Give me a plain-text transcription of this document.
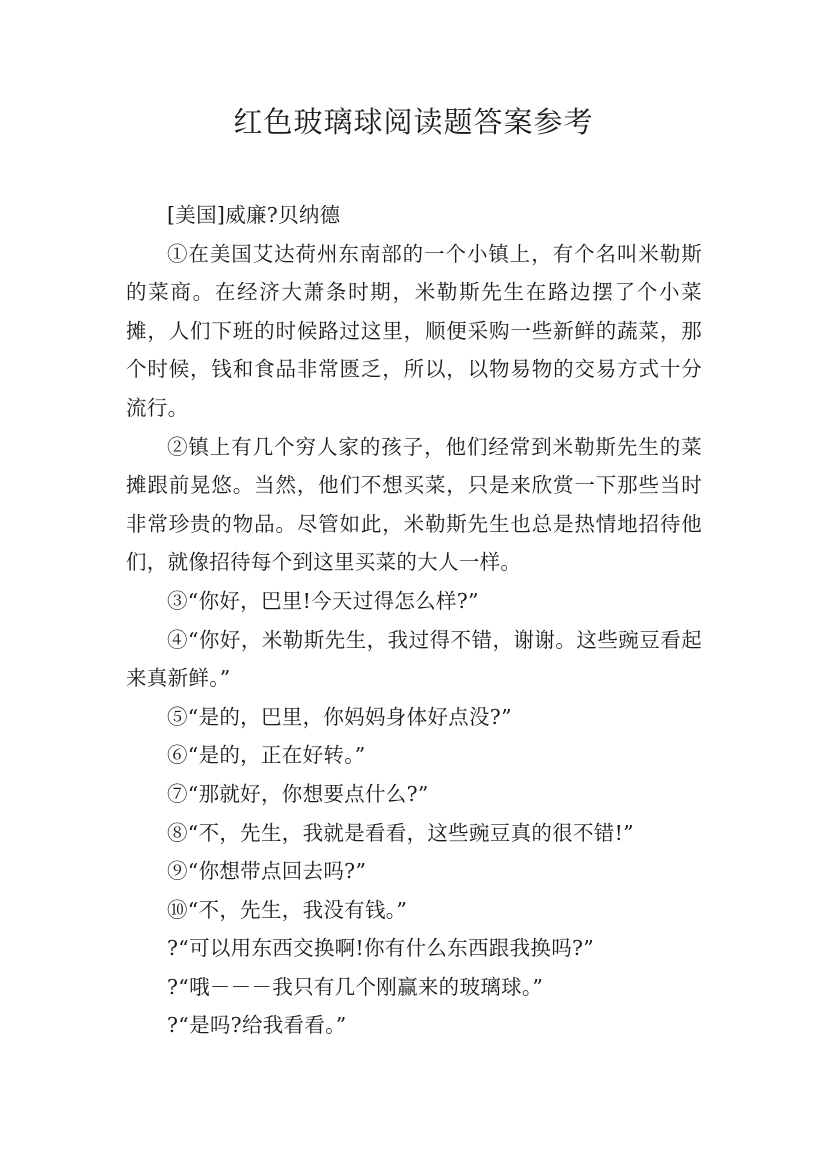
红色玻璃球阅读题答案参考

[美国]威廉?贝纳德

①在美国艾达荷州东南部的一个小镇上，有个名叫米勒斯的菜商。在经济大萧条时期，米勒斯先生在路边摆了个小菜摊，人们下班的时候路过这里，顺便采购一些新鲜的蔬菜，那个时候，钱和食品非常匮乏，所以，以物易物的交易方式十分流行。

②镇上有几个穷人家的孩子，他们经常到米勒斯先生的菜摊跟前晃悠。当然，他们不想买菜，只是来欣赏一下那些当时非常珍贵的物品。尽管如此，米勒斯先生也总是热情地招待他们，就像招待每个到这里买菜的大人一样。

③“你好，巴里!今天过得怎么样?”

④“你好，米勒斯先生，我过得不错，谢谢。这些豌豆看起来真新鲜。”

⑤“是的，巴里，你妈妈身体好点没?”

⑥“是的，正在好转。”

⑦“那就好，你想要点什么?”

⑧“不，先生，我就是看看，这些豌豆真的很不错!”

⑨“你想带点回去吗?”

⑩“不，先生，我没有钱。”

?“可以用东西交换啊!你有什么东西跟我换吗?”

?“哦－－－我只有几个刚赢来的玻璃球。”

?“是吗?给我看看。”
